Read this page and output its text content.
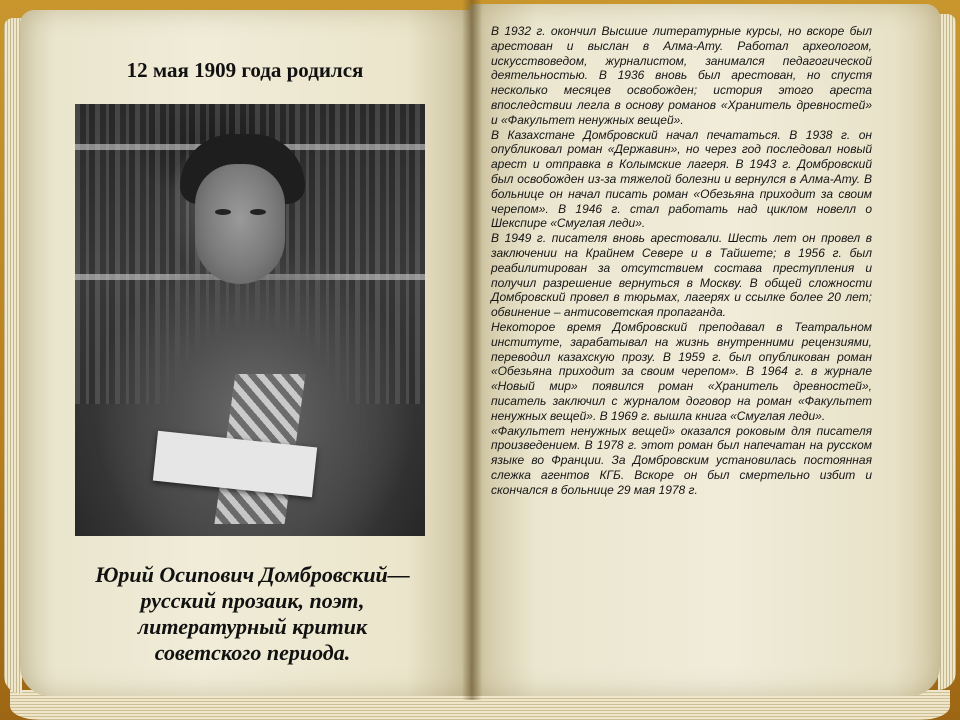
12 мая 1909 года родился
Юрий Осипович Домбровский—
русский прозаик, поэт,
литературный критик
советского периода.

В 1932 г. окончил Высшие литературные курсы, но вскоре был арестован и выслан в Алма-Ату. Работал археологом, искусствоведом, журналистом, занимался педагогической деятельностью. В 1936 вновь был арестован, но спустя несколько месяцев освобожден; история этого ареста впоследствии легла в основу романов «Хранитель древностей» и «Факультет ненужных вещей».

В Казахстане Домбровский начал печататься. В 1938 г. он опубликовал роман «Державин», но через год последовал новый арест и отправка в Колымские лагеря. В 1943 г. Домбровский был освобожден из-за тяжелой болезни и вернулся в Алма-Ату. В больнице он начал писать роман «Обезьяна приходит за своим черепом». В 1946 г. стал работать над циклом новелл о Шекспире «Смуглая леди».

В 1949 г. писателя вновь арестовали. Шесть лет он провел в заключении на Крайнем Севере и в Тайшете; в 1956 г. был реабилитирован за отсутствием состава преступления и получил разрешение вернуться в Москву. В общей сложности Домбровский провел в тюрьмах, лагерях и ссылке более 20 лет; обвинение – антисоветская пропаганда.

Некоторое время Домбровский преподавал в Театральном институте, зарабатывал на жизнь внутренними рецензиями, переводил казахскую прозу. В 1959 г. был опубликован роман «Обезьяна приходит за своим черепом». В 1964 г. в журнале «Новый мир» появился роман «Хранитель древностей», писатель заключил с журналом договор на роман «Факультет ненужных вещей». В 1969 г. вышла книга «Смуглая леди».

«Факультет ненужных вещей» оказался роковым для писателя произведением. В 1978 г. этот роман был напечатан на русском языке во Франции. За Домбровским установилась постоянная слежка агентов КГБ. Вскоре он был смертельно избит и скончался в больнице 29 мая 1978 г.
